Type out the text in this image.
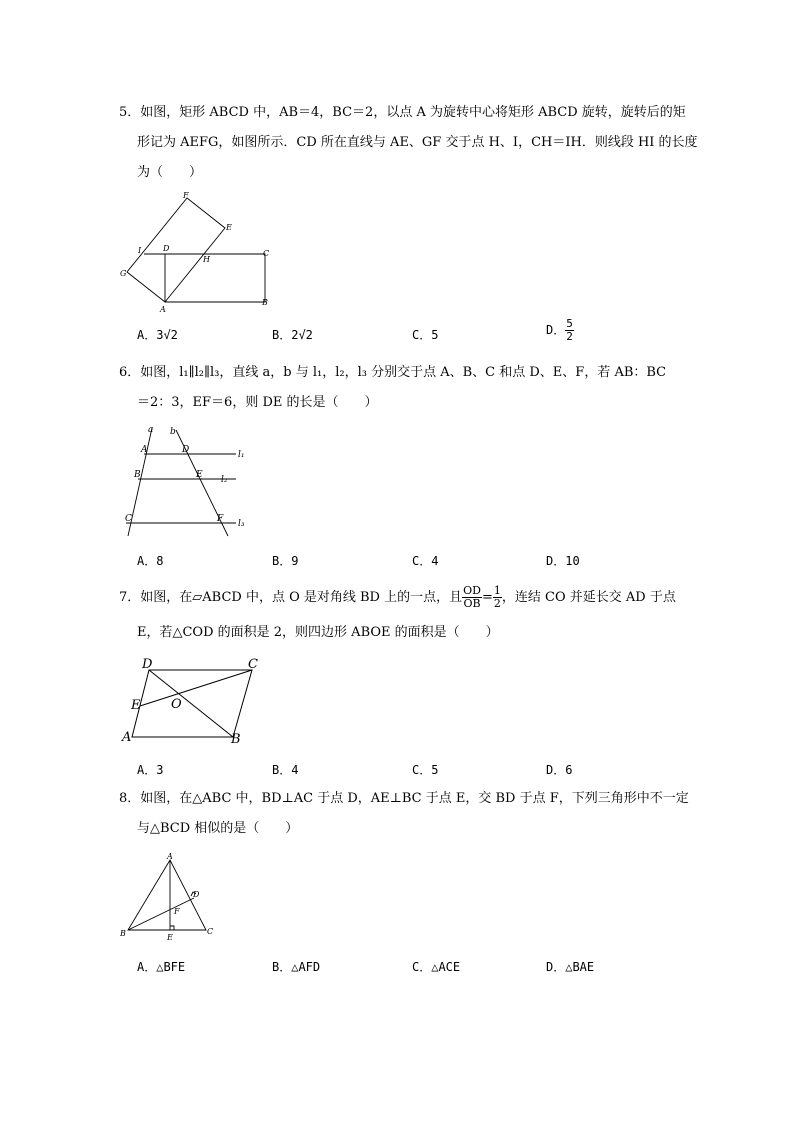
5．如图，矩形 ABCD 中，AB＝4，BC＝2，以点 A 为旋转中心将矩形 ABCD 旋转，旋转后的矩
形记为 AEFG，如图所示．CD 所在直线与 AE、GF 交于点 H、I，CH＝IH．则线段 HI 的长度
为（　　）
F
E
I	D
C
H
G
A
B
A．3√2	B．2√2	C．5	D． $\frac{5}{2}$
6．如图，l₁∥l₂∥l₃，直线 a，b 与 l₁，l₂，l₃ 分别交于点 A、B、C 和点 D、E、F，若 AB：BC
＝2：3，EF＝6，则 DE 的长是（　　）
a b
A	D	l₁
B	E l₂
C	F l₃
A．8	B．9	C．4	D．10
7．如图，在▱ABCD 中，点 O 是对角线 BD 上的一点，且 $\frac{OD}{OB} = \frac{1}{2}$ ，连结 CO 并延长交 AD 于点
E，若△COD 的面积是 2，则四边形 ABOE 的面积是（　　）
D	C
E O
A	B
A．3	B．4	C．5	D．6
8．如图，在△ABC 中，BD⊥AC 于点 D，AE⊥BC 于点 E，交 BD 于点 F，下列三角形中不一定
与△BCD 相似的是（　　）
A
D
F
B	E
C
A．△BFE	B．△AFD	C．△ACE	D．△BAE
